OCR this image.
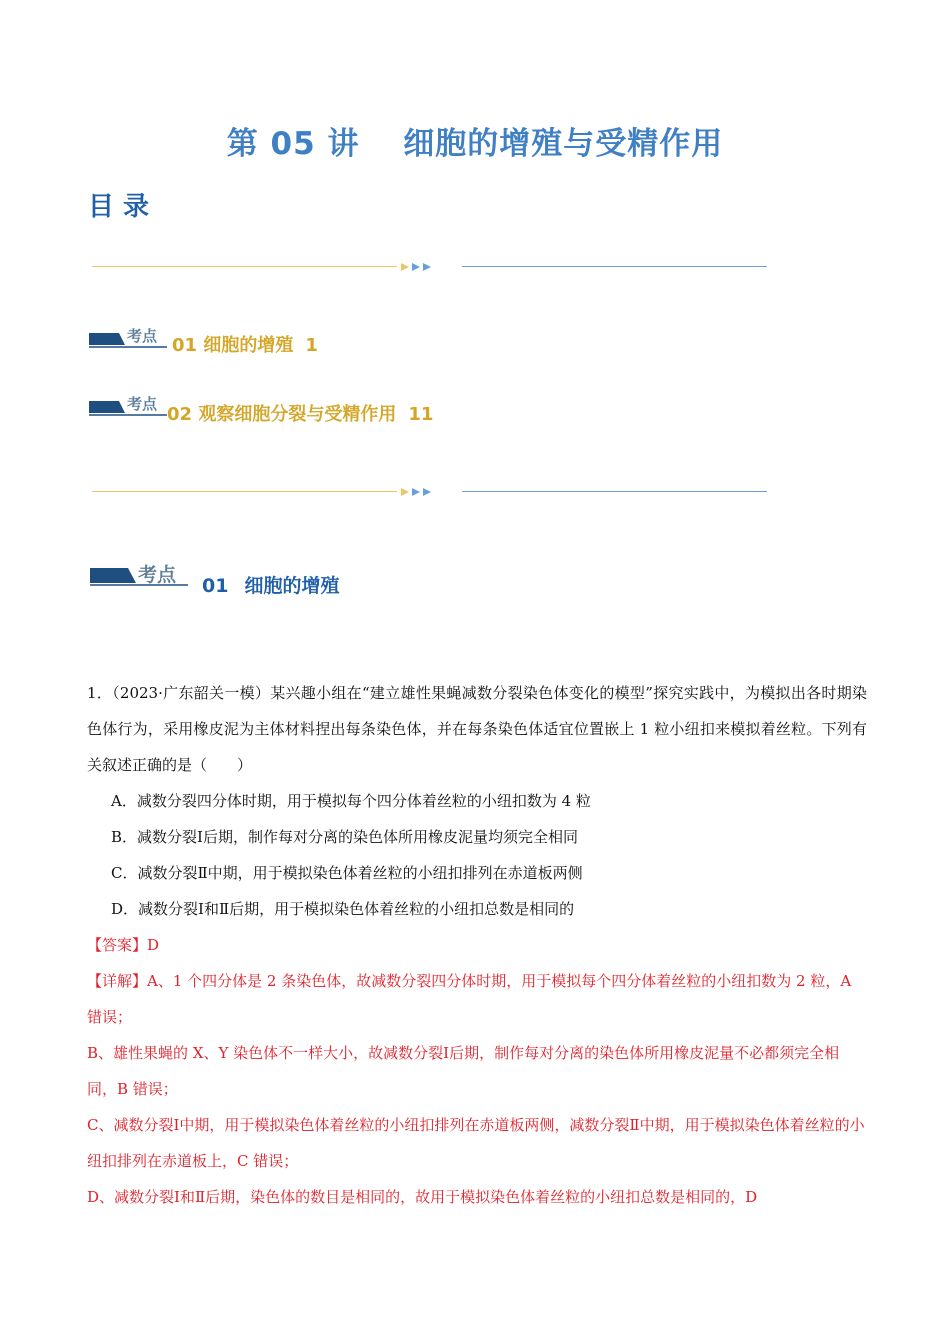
第 05 讲　 细胞的增殖与受精作用
目 录
考点 01 细胞的增殖 1
考点 02 观察细胞分裂与受精作用 11
考点 01 细胞的增殖

1．（2023·广东韶关一模）某兴趣小组在“建立雄性果蝇减数分裂染色体变化的模型”探究实践中，为模拟出各时期染色体行为，采用橡皮泥为主体材料捏出每条染色体，并在每条染色体适宜位置嵌上 1 粒小纽扣来模拟着丝粒。下列有关叙述正确的是（　　）

A．减数分裂四分体时期，用于模拟每个四分体着丝粒的小纽扣数为 4 粒

B．减数分裂Ⅰ后期，制作每对分离的染色体所用橡皮泥量均须完全相同

C．减数分裂Ⅱ中期，用于模拟染色体着丝粒的小纽扣排列在赤道板两侧

D．减数分裂Ⅰ和Ⅱ后期，用于模拟染色体着丝粒的小纽扣总数是相同的

【答案】D

【详解】A、1 个四分体是 2 条染色体，故减数分裂四分体时期，用于模拟每个四分体着丝粒的小纽扣数为 2 粒，A 错误；

B、雄性果蝇的 X、Y 染色体不一样大小，故减数分裂Ⅰ后期，制作每对分离的染色体所用橡皮泥量不必都须完全相同，B 错误；

C、减数分裂Ⅰ中期，用于模拟染色体着丝粒的小纽扣排列在赤道板两侧，减数分裂Ⅱ中期，用于模拟染色体着丝粒的小纽扣排列在赤道板上，C 错误；

D、减数分裂Ⅰ和Ⅱ后期，染色体的数目是相同的，故用于模拟染色体着丝粒的小纽扣总数是相同的，D
